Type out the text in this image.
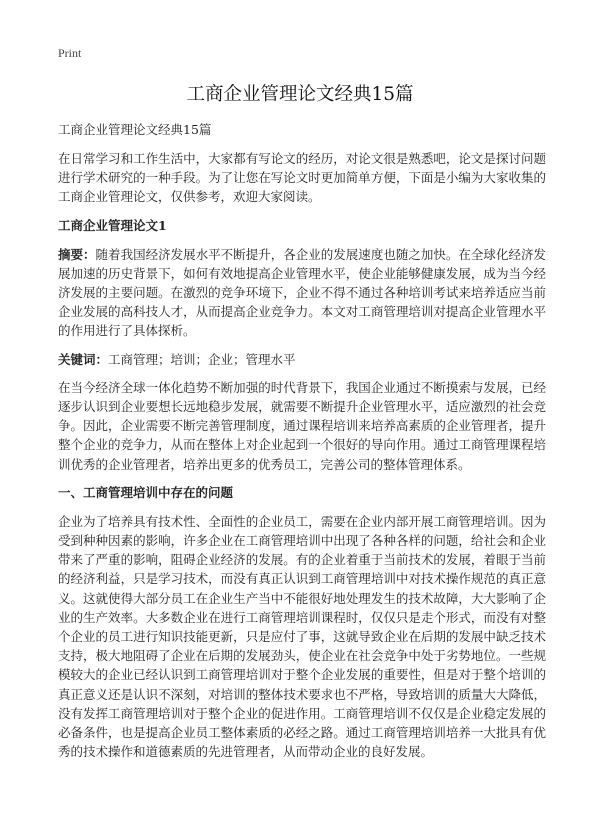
Print
工商企业管理论文经典15篇
工商企业管理论文经典15篇

在日常学习和工作生活中，大家都有写论文的经历，对论文很是熟悉吧，论文是探讨问题进行学术研究的一种手段。为了让您在写论文时更加简单方便，下面是小编为大家收集的工商企业管理论文，仅供参考，欢迎大家阅读。

工商企业管理论文1

摘要：随着我国经济发展水平不断提升，各企业的发展速度也随之加快。在全球化经济发展加速的历史背景下，如何有效地提高企业管理水平，使企业能够健康发展，成为当今经济发展的主要问题。在激烈的竞争环境下，企业不得不通过各种培训考试来培养适应当前企业发展的高科技人才，从而提高企业竞争力。本文对工商管理培训对提高企业管理水平的作用进行了具体探析。

关键词：工商管理；培训；企业；管理水平

在当今经济全球一体化趋势不断加强的时代背景下，我国企业通过不断摸索与发展，已经逐步认识到企业要想长远地稳步发展，就需要不断提升企业管理水平，适应激烈的社会竞争。因此，企业需要不断完善管理制度，通过课程培训来培养高素质的企业管理者，提升整个企业的竞争力，从而在整体上对企业起到一个很好的导向作用。通过工商管理课程培训优秀的企业管理者，培养出更多的优秀员工，完善公司的整体管理体系。

一、工商管理培训中存在的问题

企业为了培养具有技术性、全面性的企业员工，需要在企业内部开展工商管理培训。因为受到种种因素的影响，许多企业在工商管理培训中出现了各种各样的问题，给社会和企业带来了严重的影响，阻碍企业经济的发展。有的企业着重于当前技术的发展，着眼于当前的经济利益，只是学习技术，而没有真正认识到工商管理培训中对技术操作规范的真正意义。这就使得大部分员工在企业生产当中不能很好地处理发生的技术故障，大大影响了企业的生产效率。大多数企业在进行工商管理培训课程时，仅仅只是走个形式，而没有对整个企业的员工进行知识技能更新，只是应付了事，这就导致企业在后期的发展中缺乏技术支持，极大地阻碍了企业在后期的发展劲头，使企业在社会竞争中处于劣势地位。一些规模较大的企业已经认识到工商管理培训对于整个企业发展的重要性，但是对于整个培训的真正意义还是认识不深刻，对培训的整体技术要求也不严格，导致培训的质量大大降低，没有发挥工商管理培训对于整个企业的促进作用。工商管理培训不仅仅是企业稳定发展的必备条件，也是提高企业员工整体素质的必经之路。通过工商管理培训培养一大批具有优秀的技术操作和道德素质的先进管理者，从而带动企业的良好发展。
